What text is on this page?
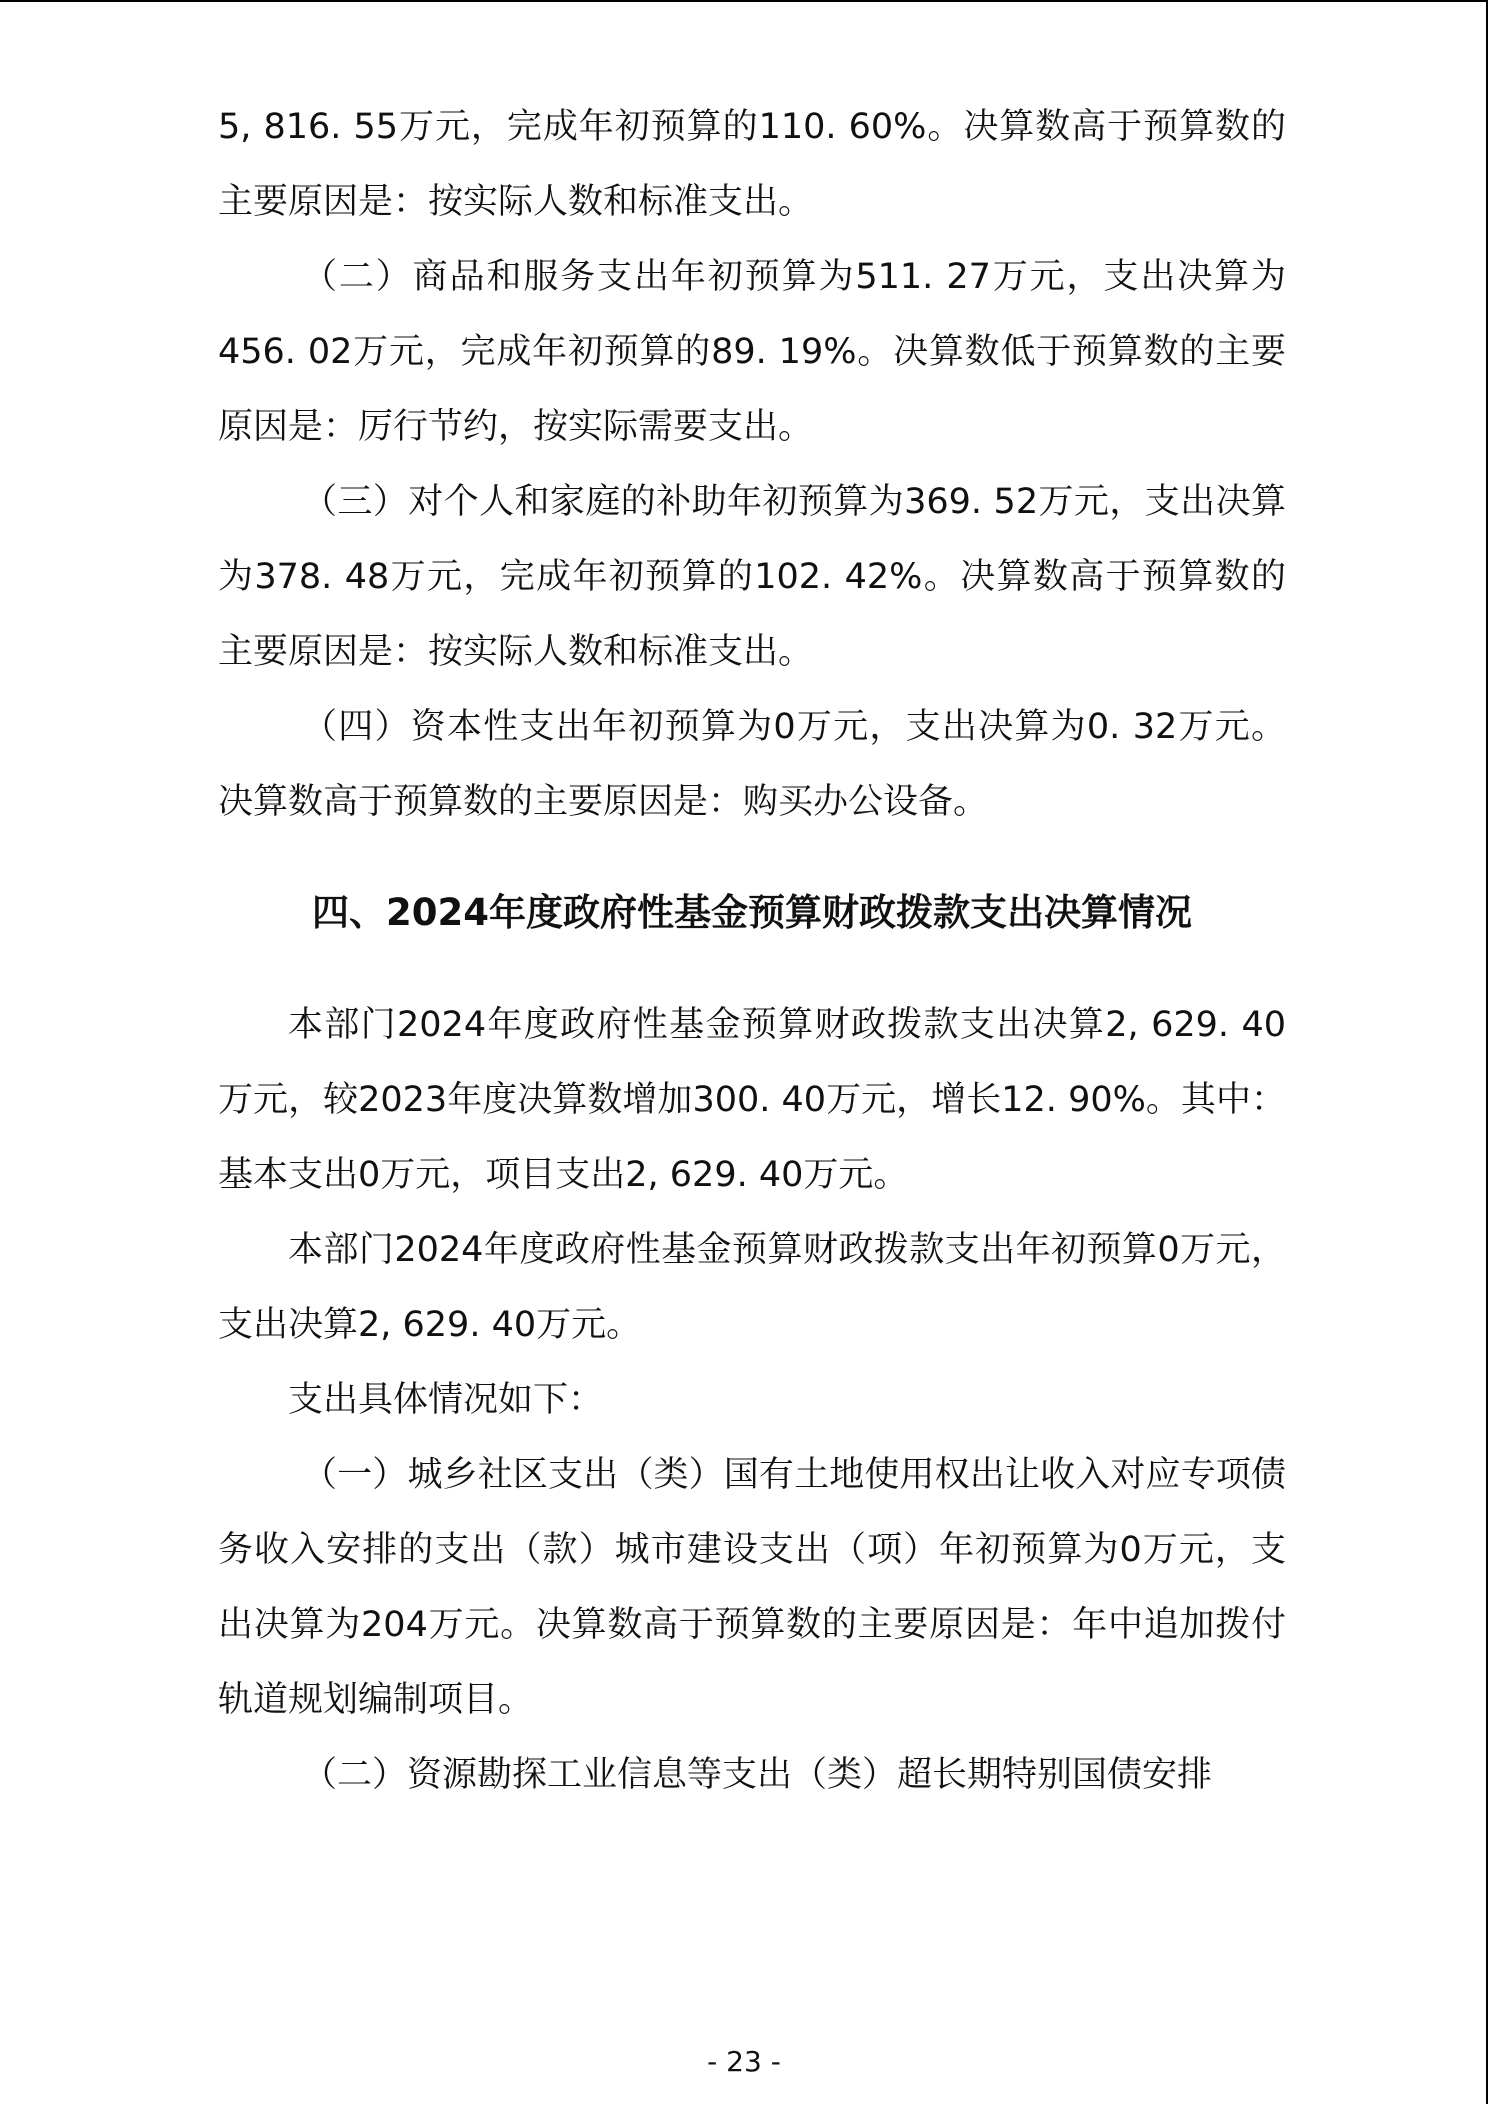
5, 816. 55万元，完成年初预算的110. 60%。决算数高于预算数的主要原因是：按实际人数和标准支出。

（二）商品和服务支出年初预算为511. 27万元，支出决算为456. 02万元，完成年初预算的89. 19%。决算数低于预算数的主要原因是：厉行节约，按实际需要支出。

（三）对个人和家庭的补助年初预算为369. 52万元，支出决算为378. 48万元，完成年初预算的102. 42%。决算数高于预算数的主要原因是：按实际人数和标准支出。

（四）资本性支出年初预算为0万元，支出决算为0. 32万元。决算数高于预算数的主要原因是：购买办公设备。

四、2024年度政府性基金预算财政拨款支出决算情况

本部门2024年度政府性基金预算财政拨款支出决算2, 629. 40万元，较2023年度决算数增加300. 40万元，增长12. 90%。其中：基本支出0万元，项目支出2, 629. 40万元。

本部门2024年度政府性基金预算财政拨款支出年初预算0万元，支出决算2, 629. 40万元。

支出具体情况如下：

（一）城乡社区支出（类）国有土地使用权出让收入对应专项债务收入安排的支出（款）城市建设支出（项）年初预算为0万元，支出决算为204万元。决算数高于预算数的主要原因是：年中追加拨付轨道规划编制项目。

（二）资源勘探工业信息等支出（类）超长期特别国债安排

- 23 -
